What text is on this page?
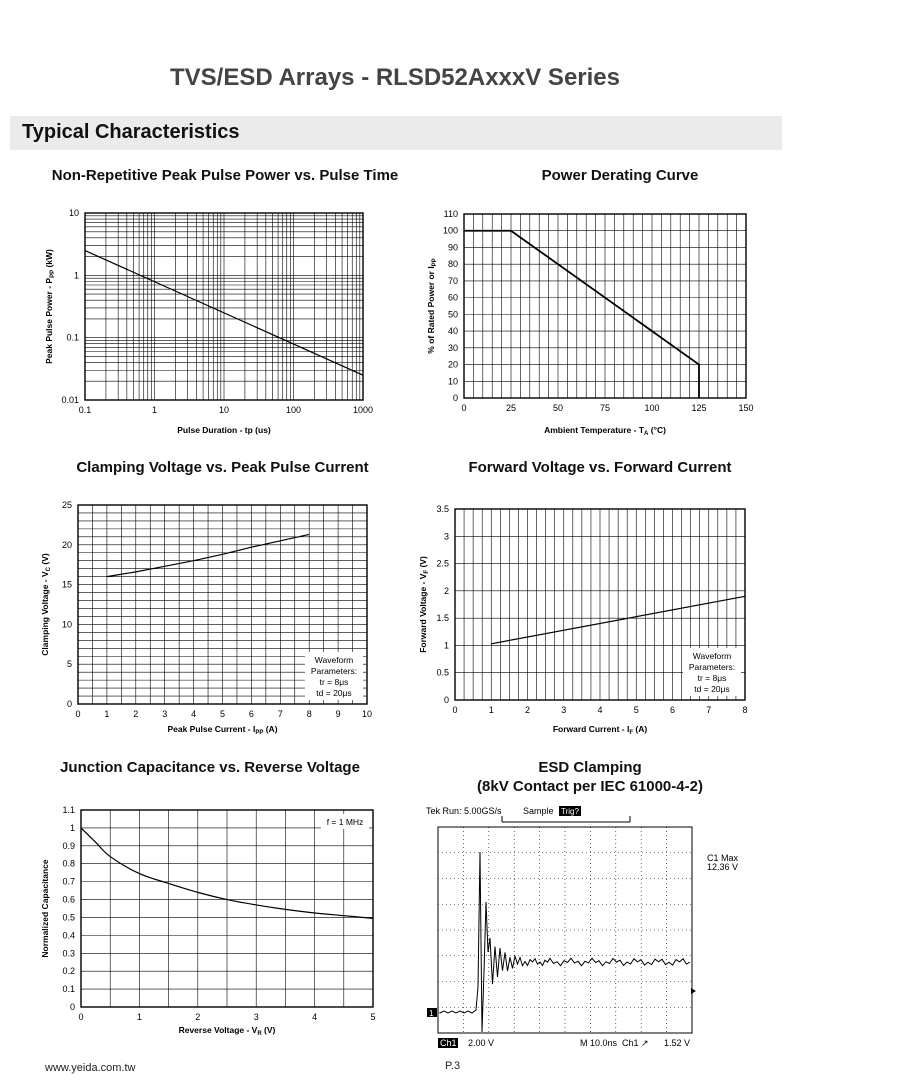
TVS/ESD Arrays - RLSD52AxxxV Series
Typical Characteristics
Non-Repetitive Peak Pulse Power vs. Pulse Time
0.1	1	10	100	1000
0.01
0.1
1
10
Pulse Duration - tp (us)
Peak Pulse Power - $P_{PP}$ (kW)
Power Derating Curve
0	25	50	75	100	125	150
0
10
20
30
40
50
60
70
80
90
100
110
Ambient Temperature - $T_A$ (°C)
% of Rated Power or $I_{PP}$
Clamping Voltage vs. Peak Pulse Current
0	1	2	3	4	5	6	7	8	9 10
0
5
10
15
20
25
Peak Pulse Current - $I_{PP}$ (A)
Clamping Voltage - $V_C$ (V)
Waveform
Parameters:
tr = 8μs
td = 20μs
Forward Voltage vs. Forward Current
0	1	2	3	4	5	6	7	8
0
0.5
1
1.5
2
2.5
3
3.5
Forward Current - $I_F$ (A)
Forward Voltage - $V_F$ (V)
Waveform
Parameters:
tr = 8μs
td = 20μs
Junction Capacitance vs. Reverse Voltage
0	1	2	3	4	5
0
0.1
0.2
0.3
0.4
0.5
0.6
0.7
0.8
0.9
1
1.1
Reverse Voltage - $V_R$ (V)
Normalized Capacitance
f = 1 MHz
ESD Clamping
(8kV Contact per IEC 61000-4-2)
Tek Run: 5.00GS/s Sample Trig?
C1 Max
12.36 V
Ch1 2.00 V	M 10.0ns Ch1 ↗ 1.52 V
1
www.yeida.com.tw	P.3
